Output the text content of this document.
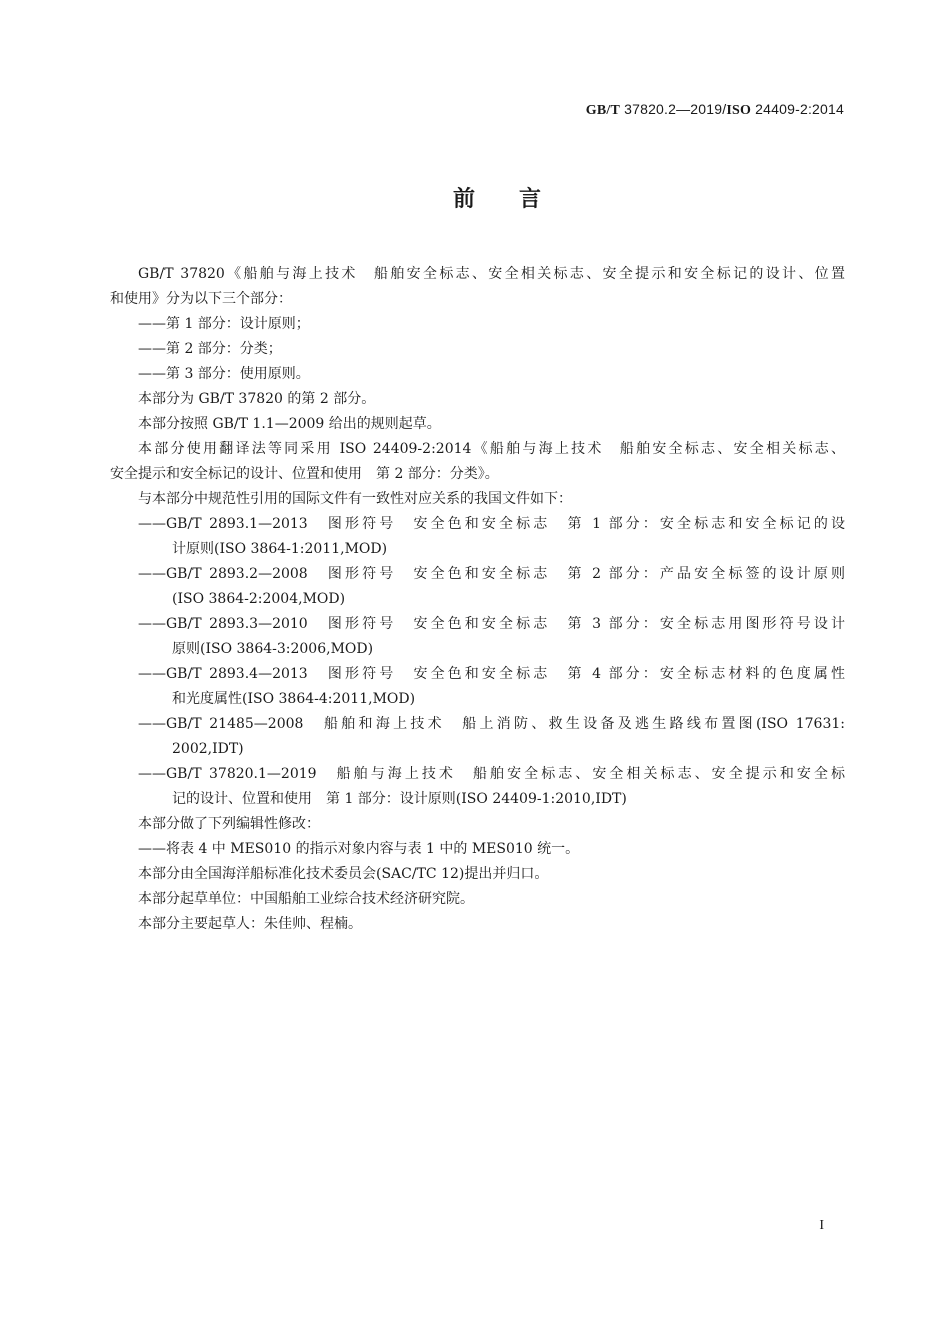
GB/T 37820.2—2019/ISO 24409-2:2014
前言
GB/T 37820《船舶与海上技术　船舶安全标志、安全相关标志、安全提示和安全标记的设计、位置
和使用》分为以下三个部分：
——第 1 部分：设计原则；
——第 2 部分：分类；
——第 3 部分：使用原则。
本部分为 GB/T 37820 的第 2 部分。
本部分按照 GB/T 1.1—2009 给出的规则起草。
本部分使用翻译法等同采用 ISO 24409-2:2014《船舶与海上技术　船舶安全标志、安全相关标志、
安全提示和安全标记的设计、位置和使用　第 2 部分：分类》。
与本部分中规范性引用的国际文件有一致性对应关系的我国文件如下：
——GB/T 2893.1—2013　图形符号　安全色和安全标志　第 1 部分：安全标志和安全标记的设
计原则(ISO 3864-1:2011,MOD)
——GB/T 2893.2—2008　图形符号　安全色和安全标志　第 2 部分：产品安全标签的设计原则
(ISO 3864-2:2004,MOD)
——GB/T 2893.3—2010　图形符号　安全色和安全标志　第 3 部分：安全标志用图形符号设计
原则(ISO 3864-3:2006,MOD)
——GB/T 2893.4—2013　图形符号　安全色和安全标志　第 4 部分：安全标志材料的色度属性
和光度属性(ISO 3864-4:2011,MOD)
——GB/T 21485—2008　船舶和海上技术　船上消防、救生设备及逃生路线布置图(ISO 17631:
2002,IDT)
——GB/T 37820.1—2019　船舶与海上技术　船舶安全标志、安全相关标志、安全提示和安全标
记的设计、位置和使用　第 1 部分：设计原则(ISO 24409-1:2010,IDT)
本部分做了下列编辑性修改：
——将表 4 中 MES010 的指示对象内容与表 1 中的 MES010 统一。
本部分由全国海洋船标准化技术委员会(SAC/TC 12)提出并归口。
本部分起草单位：中国船舶工业综合技术经济研究院。
本部分主要起草人：朱佳帅、程楠。
I
